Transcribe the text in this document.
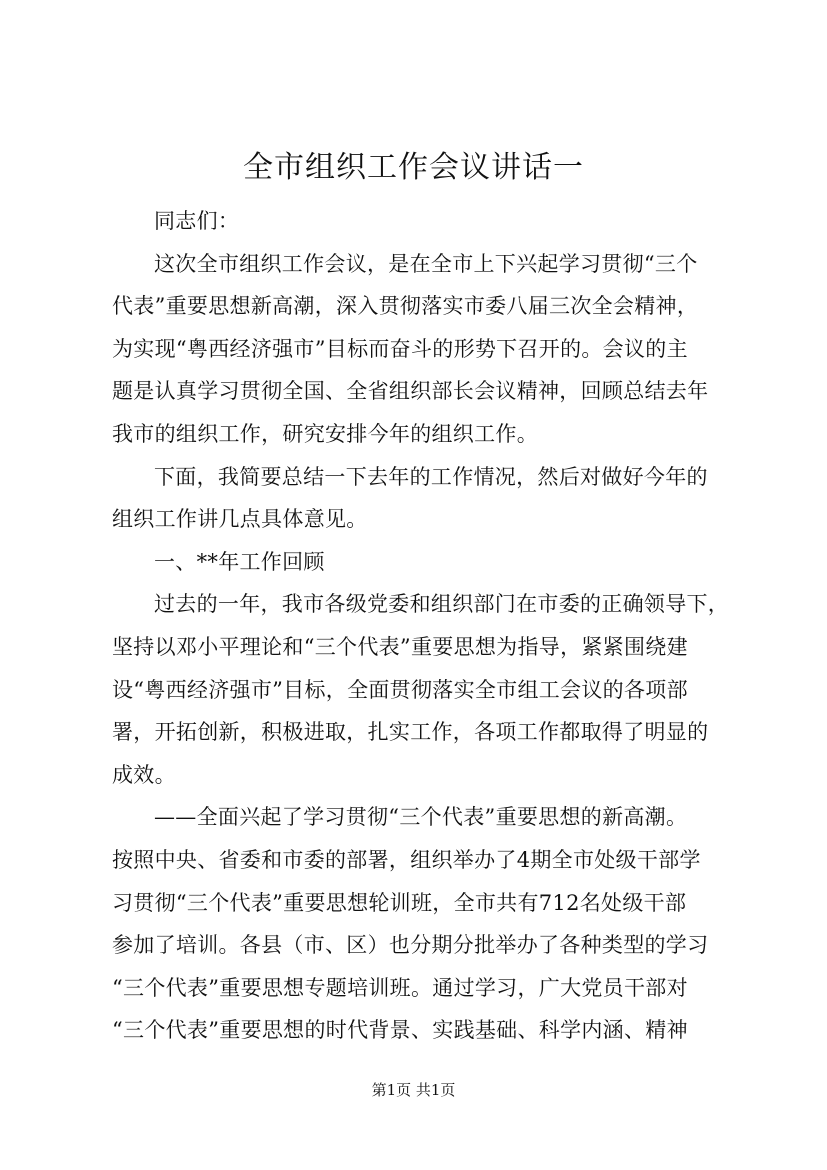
全市组织工作会议讲话一
同志们：
这次全市组织工作会议，是在全市上下兴起学习贯彻“三个
代表”重要思想新高潮，深入贯彻落实市委八届三次全会精神，
为实现“粤西经济强市”目标而奋斗的形势下召开的。会议的主
题是认真学习贯彻全国、全省组织部长会议精神，回顾总结去年
我市的组织工作，研究安排今年的组织工作。
下面，我简要总结一下去年的工作情况，然后对做好今年的
组织工作讲几点具体意见。
一、**年工作回顾
过去的一年，我市各级党委和组织部门在市委的正确领导下，
坚持以邓小平理论和“三个代表”重要思想为指导，紧紧围绕建
设“粤西经济强市”目标，全面贯彻落实全市组工会议的各项部
署，开拓创新，积极进取，扎实工作，各项工作都取得了明显的
成效。
——全面兴起了学习贯彻“三个代表”重要思想的新高潮。
按照中央、省委和市委的部署，组织举办了4期全市处级干部学
习贯彻“三个代表”重要思想轮训班，全市共有712名处级干部
参加了培训。各县（市、区）也分期分批举办了各种类型的学习
“三个代表”重要思想专题培训班。通过学习，广大党员干部对
“三个代表”重要思想的时代背景、实践基础、科学内涵、精神
第1页 共1页
